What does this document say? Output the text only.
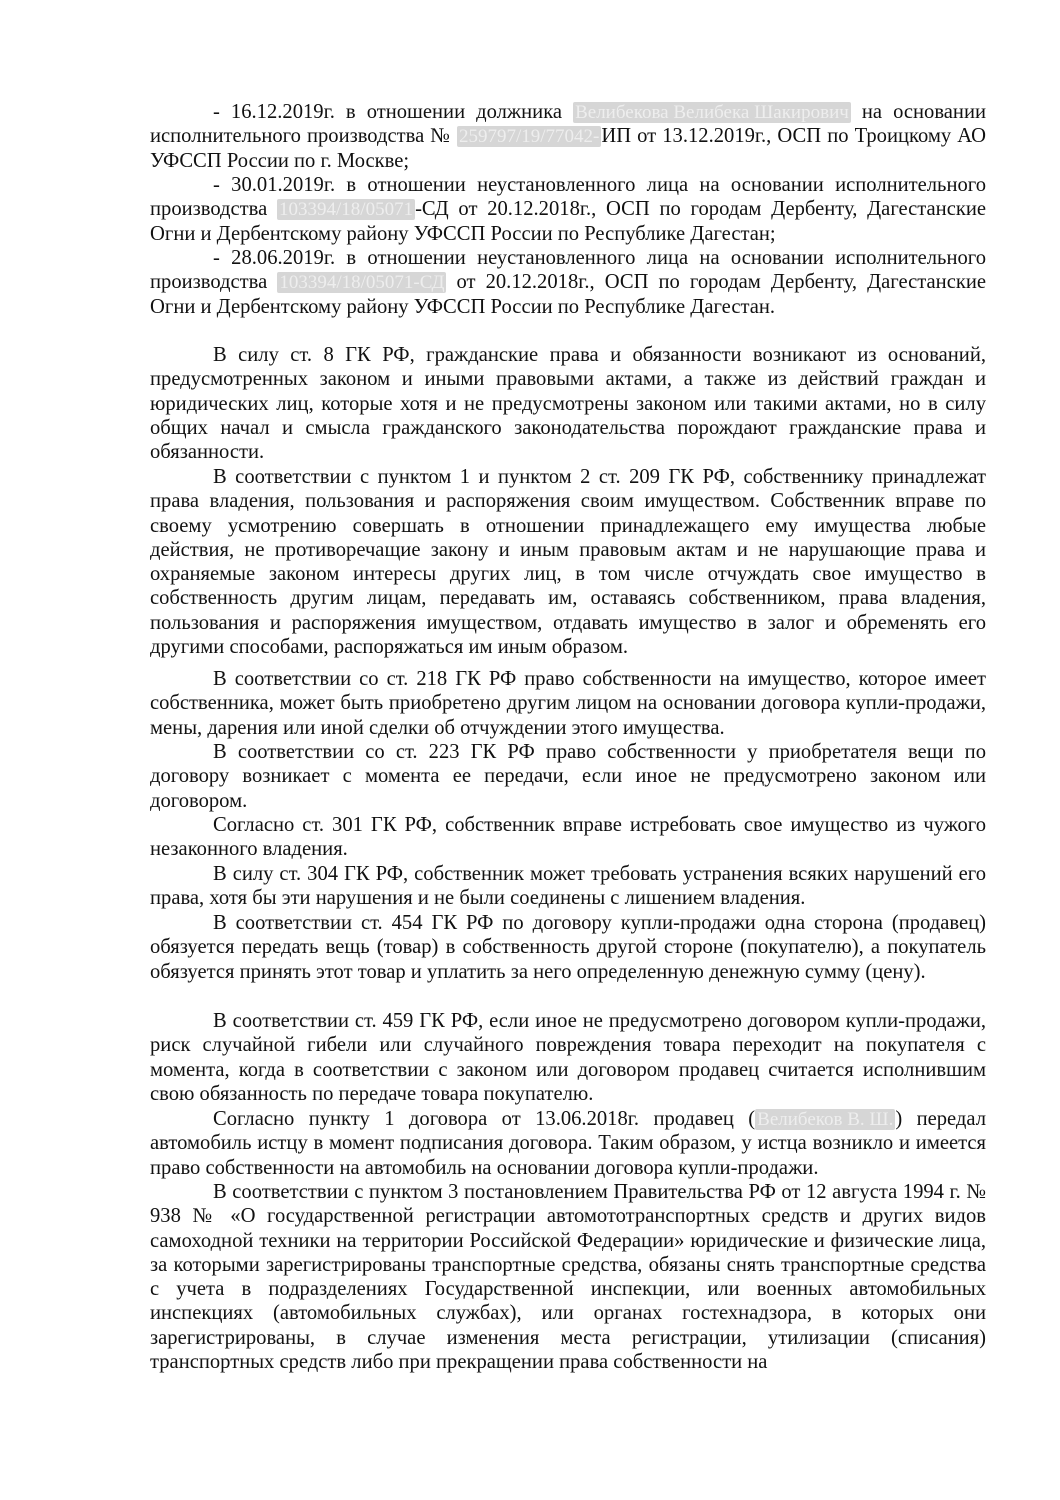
- 16.12.2019г. в отношении должника Велибекова Велибека Шакирович на основании исполнительного производства № 259797/19/77042-ИП от 13.12.2019г., ОСП по Троицкому АО УФССП России по г. Москве;

- 30.01.2019г. в отношении неустановленного лица на основании исполнительного производства 103394/18/05071-СД от 20.12.2018г., ОСП по городам Дербенту, Дагестанские Огни и Дербентскому району УФССП России по Республике Дагестан;

- 28.06.2019г. в отношении неустановленного лица на основании исполнительного производства 103394/18/05071-СД от 20.12.2018г., ОСП по городам Дербенту, Дагестанские Огни и Дербентскому району УФССП России по Республике Дагестан.

В силу ст. 8 ГК РФ, гражданские права и обязанности возникают из оснований, предусмотренных законом и иными правовыми актами, а также из действий граждан и юридических лиц, которые хотя и не предусмотрены законом или такими актами, но в силу общих начал и смысла гражданского законодательства порождают гражданские права и обязанности.

В соответствии с пунктом 1 и пунктом 2 ст. 209 ГК РФ, собственнику принадлежат права владения, пользования и распоряжения своим имуществом. Собственник вправе по своему усмотрению совершать в отношении принадлежащего ему имущества любые действия, не противоречащие закону и иным правовым актам и не нарушающие права и охраняемые законом интересы других лиц, в том числе отчуждать свое имущество в собственность другим лицам, передавать им, оставаясь собственником, права владения, пользования и распоряжения имуществом, отдавать имущество в залог и обременять его другими способами, распоряжаться им иным образом.

В соответствии со ст. 218 ГК РФ право собственности на имущество, которое имеет собственника, может быть приобретено другим лицом на основании договора купли-продажи, мены, дарения или иной сделки об отчуждении этого имущества.

В соответствии со ст. 223 ГК РФ право собственности у приобретателя вещи по договору возникает с момента ее передачи, если иное не предусмотрено законом или договором.

Согласно ст. 301 ГК РФ, собственник вправе истребовать свое имущество из чужого незаконного владения.

В силу ст. 304 ГК РФ, собственник может требовать устранения всяких нарушений его права, хотя бы эти нарушения и не были соединены с лишением владения.

В соответствии ст. 454 ГК РФ по договору купли-продажи одна сторона (продавец) обязуется передать вещь (товар) в собственность другой стороне (покупателю), а покупатель обязуется принять этот товар и уплатить за него определенную денежную сумму (цену).

В соответствии ст. 459 ГК РФ, если иное не предусмотрено договором купли-продажи, риск случайной гибели или случайного повреждения товара переходит на покупателя с момента, когда в соответствии с законом или договором продавец считается исполнившим свою обязанность по передаче товара покупателю.

Согласно пункту 1 договора от 13.06.2018г. продавец ( Велибеков В. Ш.) передал автомобиль истцу в момент подписания договора. Таким образом, у истца возникло и имеется право собственности на автомобиль на основании договора купли-продажи.

В соответствии с пунктом 3 постановлением Правительства РФ от 12 августа 1994 г. № 938 № «О государственной регистрации автомототранспортных средств и других видов самоходной техники на территории Российской Федерации» юридические и физические лица, за которыми зарегистрированы транспортные средства, обязаны снять транспортные средства с учета в подразделениях Государственной инспекции, или военных автомобильных инспекциях (автомобильных службах), или органах гостехнадзора, в которых они зарегистрированы, в случае изменения места регистрации, утилизации (списания) транспортных средств либо при прекращении права собственности на
